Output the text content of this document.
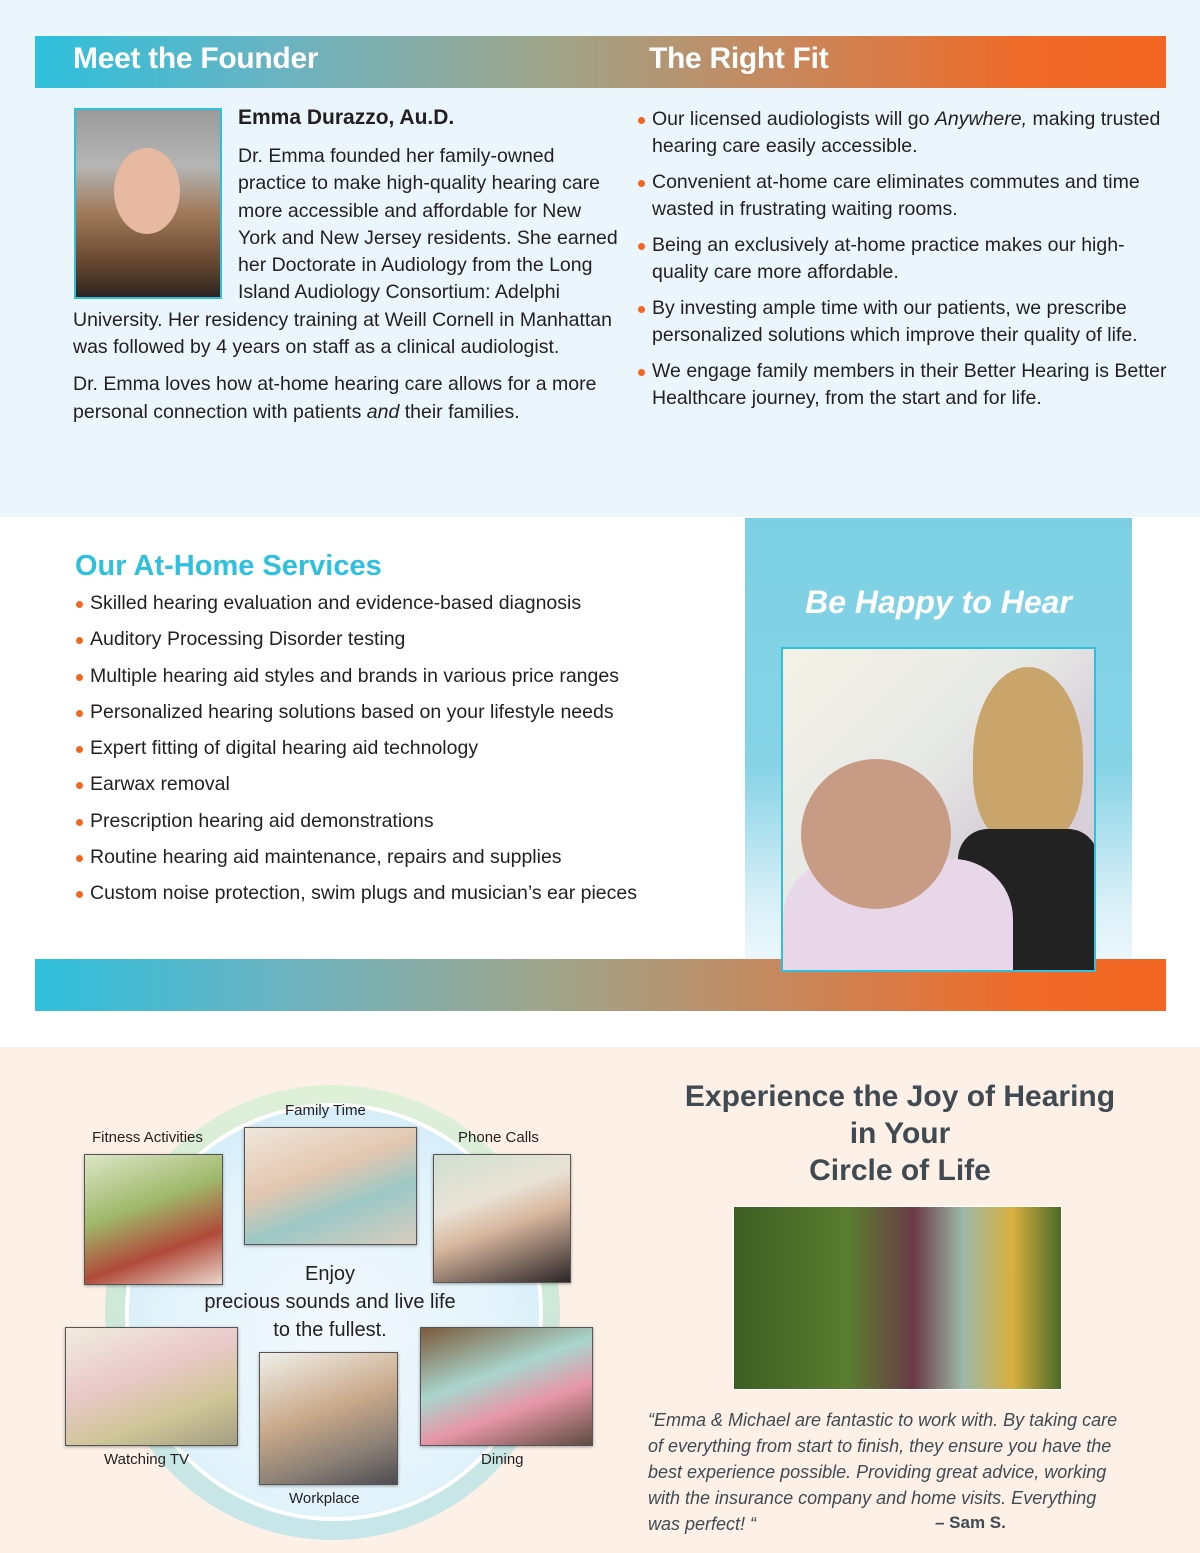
Meet the Founder	The Right Fit
Emma Durazzo, Au.D.

Dr. Emma founded her family-owned practice to make high-quality hearing care more accessible and affordable for New York and New Jersey residents. She earned her Doctorate in Audiology from the Long Island Audiology Consortium: Adelphi University. Her residency training at Weill Cornell in Manhattan was followed by 4 years on staff as a clinical audiologist.

Dr. Emma loves how at-home hearing care allows for a more personal connection with patients and their families.

Our licensed audiologists will go Anywhere, making trusted hearing care easily accessible.
Convenient at-home care eliminates commutes and time wasted in frustrating waiting rooms.
Being an exclusively at-home practice makes our high-quality care more affordable.
By investing ample time with our patients, we prescribe personalized solutions which improve their quality of life.
We engage family members in their Better Hearing is Better Healthcare journey, from the start and for life.
Our At-Home Services
Skilled hearing evaluation and evidence-based diagnosis
Auditory Processing Disorder testing
Multiple hearing aid styles and brands in various price ranges
Personalized hearing solutions based on your lifestyle needs
Expert fitting of digital hearing aid technology
Earwax removal
Prescription hearing aid demonstrations
Routine hearing aid maintenance, repairs and supplies
Custom noise protection, swim plugs and musician’s ear pieces
Be Happy to Hear
Fitness Activities
Family Time
Phone Calls
Watching TV
Workplace
Dining
Enjoy
precious sounds and live life
to the fullest.
Experience the Joy of Hearing
in Your
Circle of Life
“Emma & Michael are fantastic to work with. By taking care of everything from start to finish, they ensure you have the best experience possible. Providing great advice, working with the insurance company and home visits. Everything was perfect! “	– Sam S.
